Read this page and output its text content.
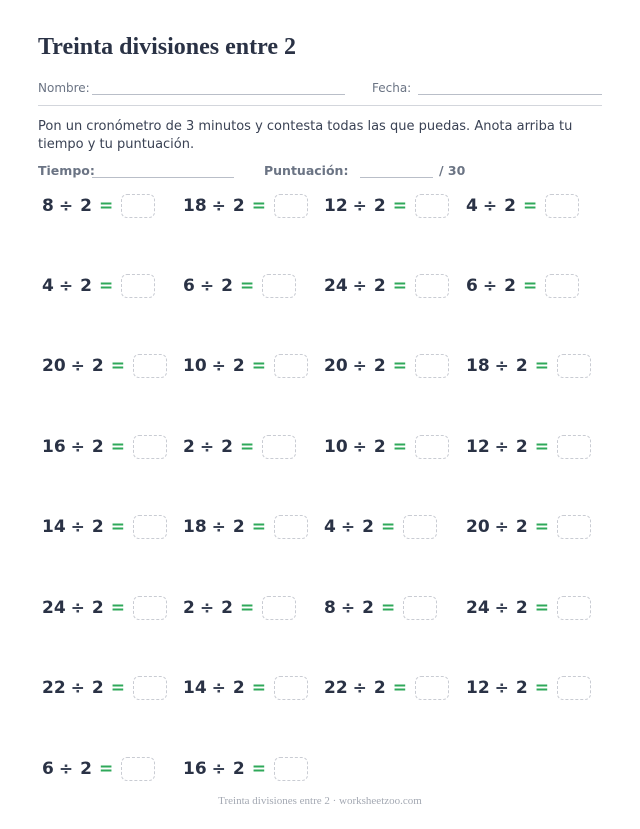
Treinta divisiones entre 2
Nombre:	Fecha:
Pon un cronómetro de 3 minutos y contesta todas las que puedas. Anota arriba tu tiempo y tu puntuación.
Tiempo:	Puntuación:	/ 30
8 ÷ 2 =	18 ÷ 2 =	12 ÷ 2 =	4 ÷ 2 =
4 ÷ 2 =	6 ÷ 2 =	24 ÷ 2 =	6 ÷ 2 =
20 ÷ 2 =	10 ÷ 2 =	20 ÷ 2 =	18 ÷ 2 =
16 ÷ 2 =	2 ÷ 2 =	10 ÷ 2 =	12 ÷ 2 =
14 ÷ 2 =	18 ÷ 2 =	4 ÷ 2 =	20 ÷ 2 =
24 ÷ 2 =	2 ÷ 2 =	8 ÷ 2 =	24 ÷ 2 =
22 ÷ 2 =	14 ÷ 2 =	22 ÷ 2 =	12 ÷ 2 =
6 ÷ 2 =	16 ÷ 2 =
Treinta divisiones entre 2 · worksheetzoo.com
